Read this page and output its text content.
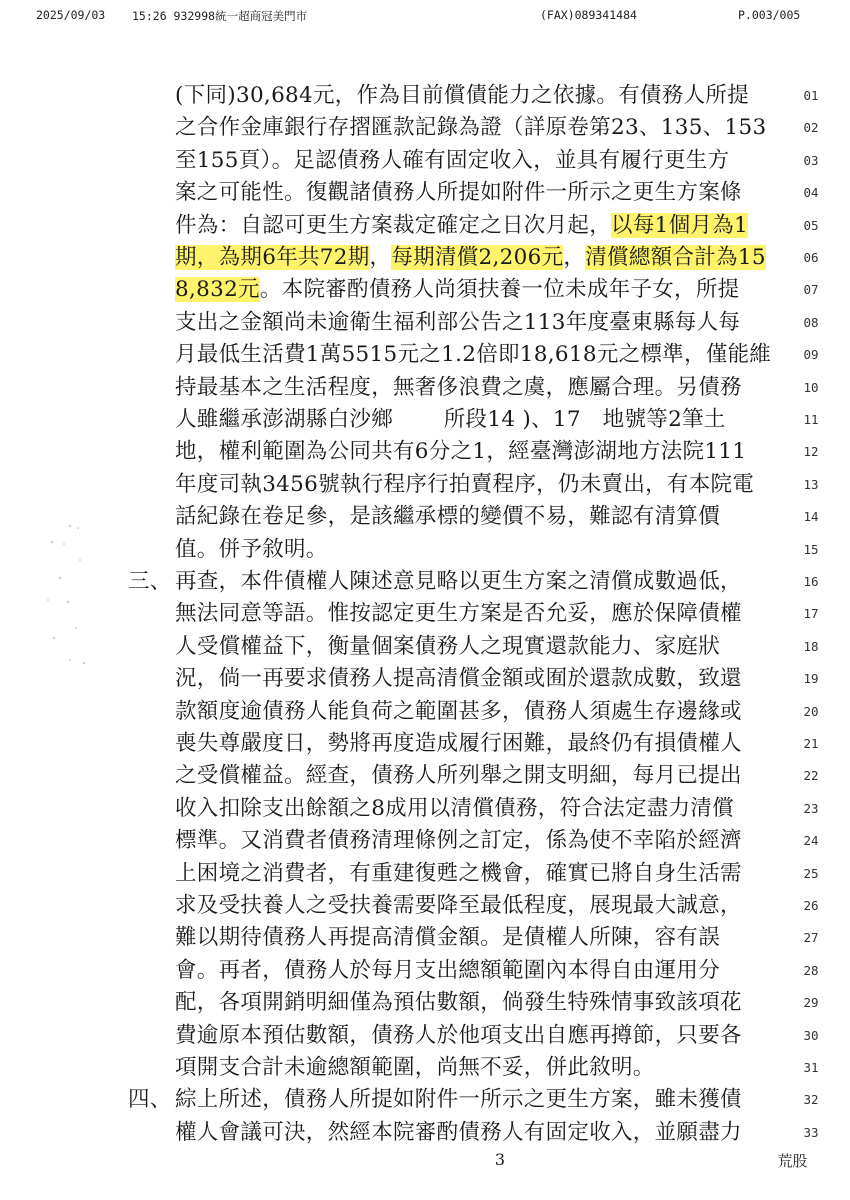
2025/09/03 15:26 932998統一超商冠美門市	(FAX)089341484	P.003/005
(下同)30,684元，作為目前償債能力之依據。有債務人所提	01
之合作金庫銀行存摺匯款記錄為證（詳原卷第23、135、153	02
至155頁）。足認債務人確有固定收入，並具有履行更生方	03
案之可能性。復觀諸債務人所提如附件一所示之更生方案條	04
件為：自認可更生方案裁定確定之日次月起，以每1個月為1	05
期，為期6年共72期，每期清償2,206元，清償總額合計為15	06
8,832元。本院審酌債務人尚須扶養一位未成年子女，所提	07
支出之金額尚未逾衛生福利部公告之113年度臺東縣每人每	08
月最低生活費1萬5515元之1.2倍即18,618元之標準，僅能維	09
持最基本之生活程度，無奢侈浪費之虞，應屬合理。另債務	10
人雖繼承澎湖縣白沙鄉 　　所段14 )、17　地號等2筆土	11
地，權利範圍為公同共有6分之1，經臺灣澎湖地方法院111	12
年度司執3456號執行程序行拍賣程序，仍未賣出，有本院電	13
話紀錄在卷足參，是該繼承標的變價不易，難認有清算價	14
值。併予敘明。	15
三、 再查，本件債權人陳述意見略以更生方案之清償成數過低，	16
無法同意等語。惟按認定更生方案是否允妥，應於保障債權	17
人受償權益下，衡量個案債務人之現實還款能力、家庭狀	18
況，倘一再要求債務人提高清償金額或囿於還款成數，致還	19
款額度逾債務人能負荷之範圍甚多，債務人須處生存邊緣或	20
喪失尊嚴度日，勢將再度造成履行困難，最終仍有損債權人	21
之受償權益。經查，債務人所列舉之開支明細，每月已提出	22
收入扣除支出餘額之8成用以清償債務，符合法定盡力清償	23
標準。又消費者債務清理條例之訂定，係為使不幸陷於經濟	24
上困境之消費者，有重建復甦之機會，確實已將自身生活需	25
求及受扶養人之受扶養需要降至最低程度，展現最大誠意，	26
難以期待債務人再提高清償金額。是債權人所陳，容有誤	27
會。再者，債務人於每月支出總額範圍內本得自由運用分	28
配，各項開銷明細僅為預估數額，倘發生特殊情事致該項花	29
費逾原本預估數額，債務人於他項支出自應再撙節，只要各	30
項開支合計未逾總額範圍，尚無不妥，併此敘明。	31
四、 綜上所述，債務人所提如附件一所示之更生方案，雖未獲債	32
權人會議可決，然經本院審酌債務人有固定收入，並願盡力	33
3	荒股
